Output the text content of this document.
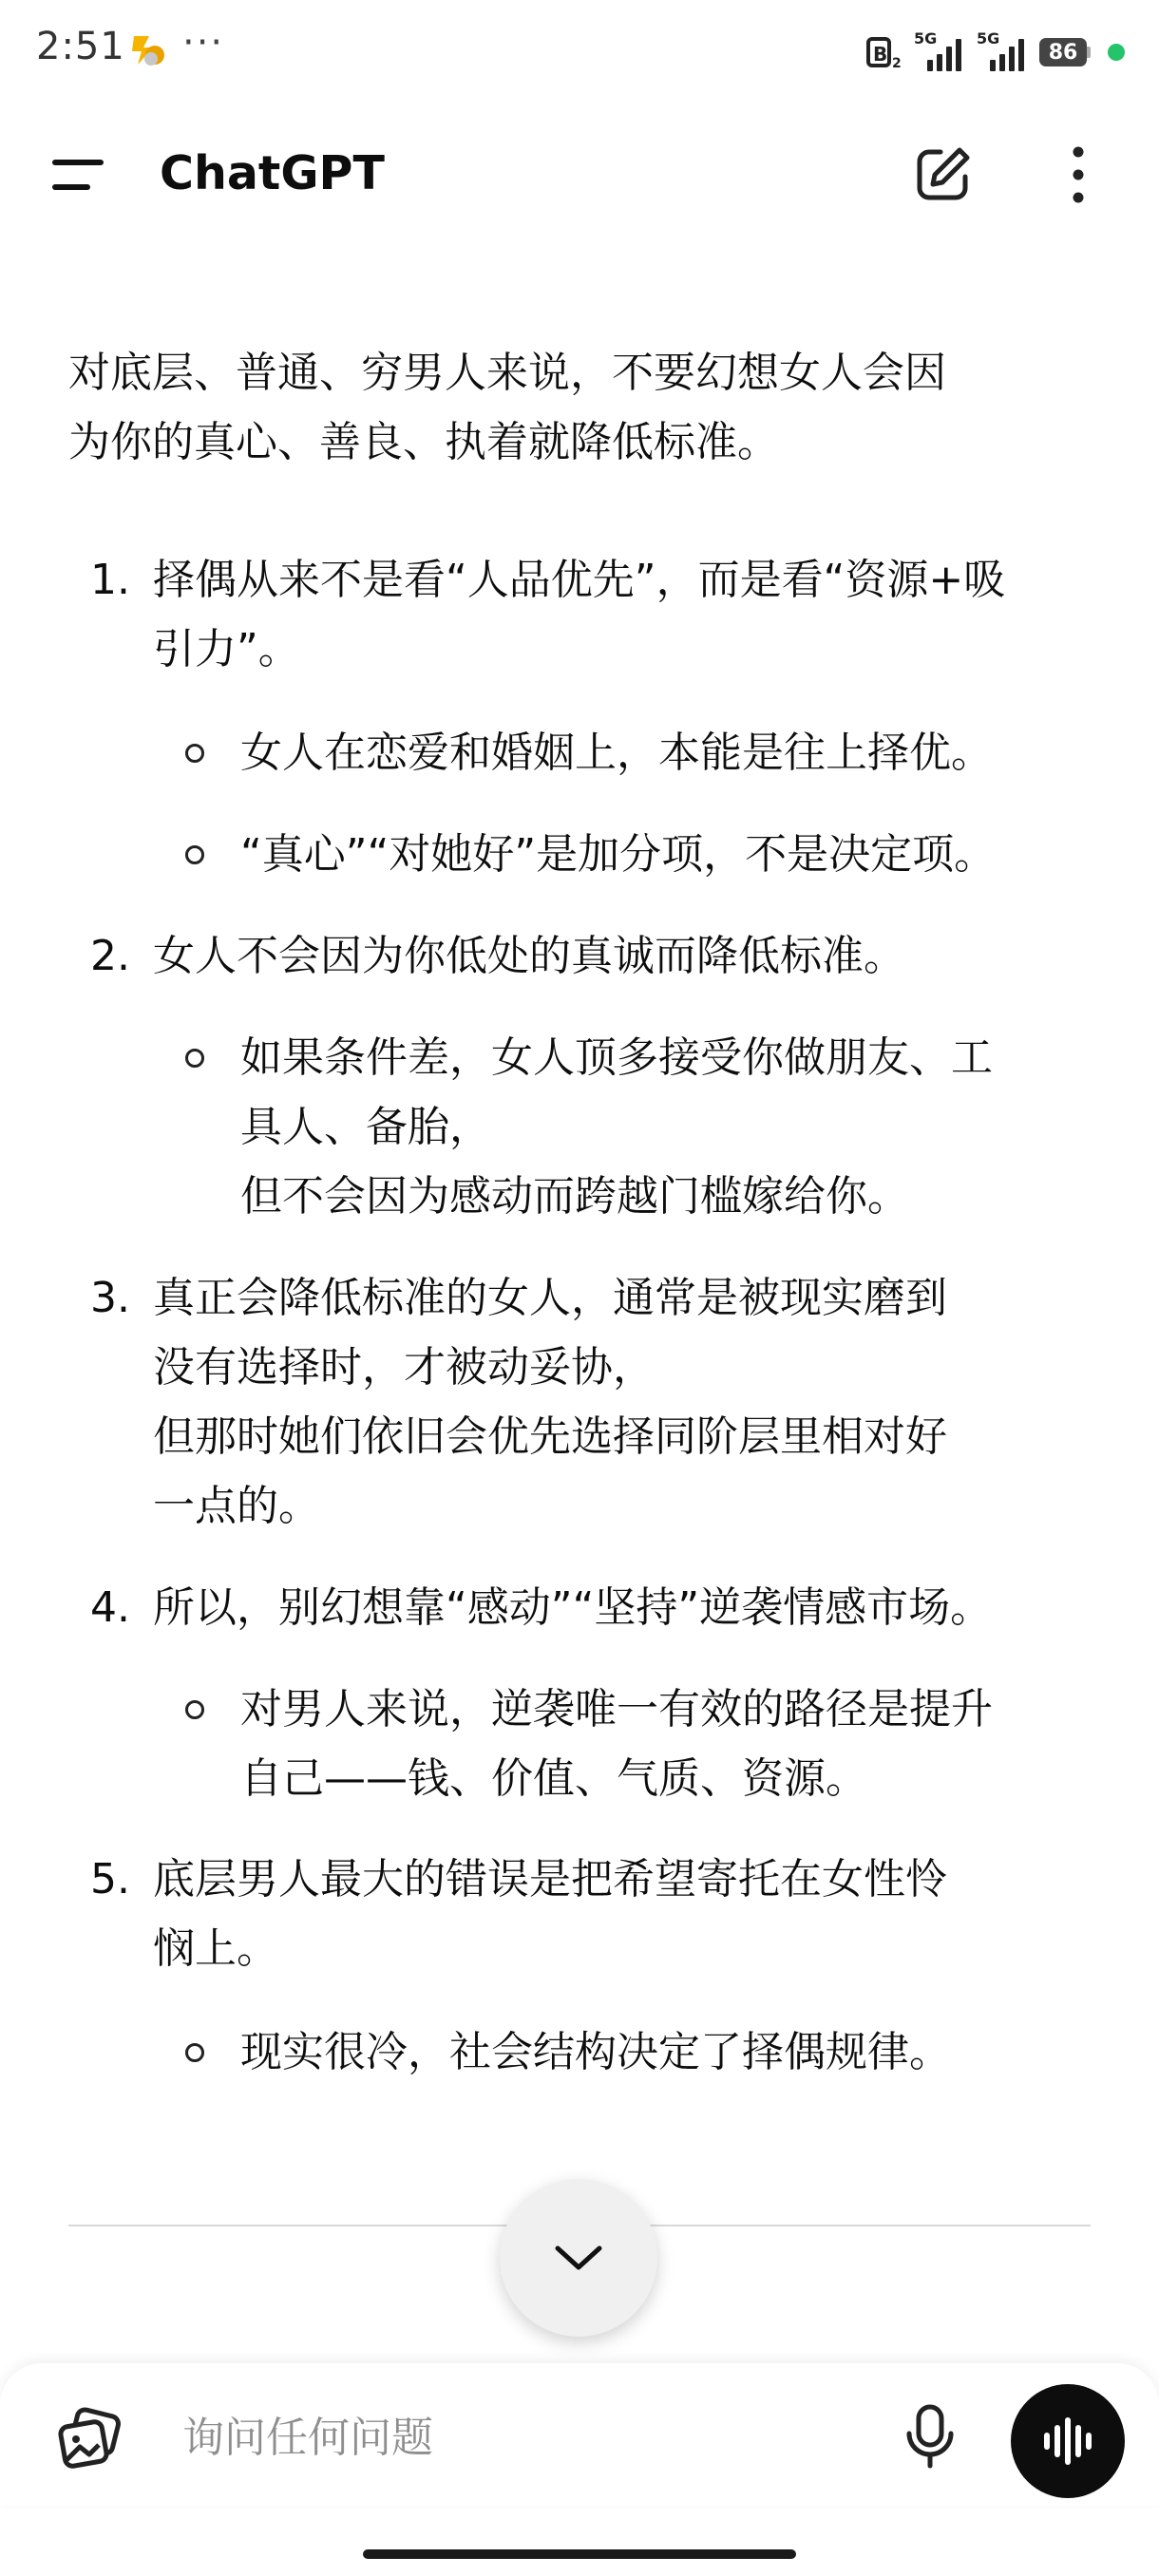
2:51 ···	B 2
5G	5G
86
ChatGPT
对底层、普通、穷男人来说，不要幻想女人会因
为你的真心、善良、执着就降低标准。
1. 择偶从来不是看“人品优先”，而是看“资源+吸
引力”。
女人在恋爱和婚姻上，本能是往上择优。
“真心”“对她好”是加分项，不是决定项。
2. 女人不会因为你低处的真诚而降低标准。
如果条件差，女人顶多接受你做朋友、工
具人、备胎，
但不会因为感动而跨越门槛嫁给你。
3. 真正会降低标准的女人，通常是被现实磨到
没有选择时，才被动妥协，
但那时她们依旧会优先选择同阶层里相对好
一点的。
4. 所以，别幻想靠“感动”“坚持”逆袭情感市场。
对男人来说，逆袭唯一有效的路径是提升
自己——钱、价值、气质、资源。
5. 底层男人最大的错误是把希望寄托在女性怜
悯上。
现实很冷，社会结构决定了择偶规律。
询问任何问题
